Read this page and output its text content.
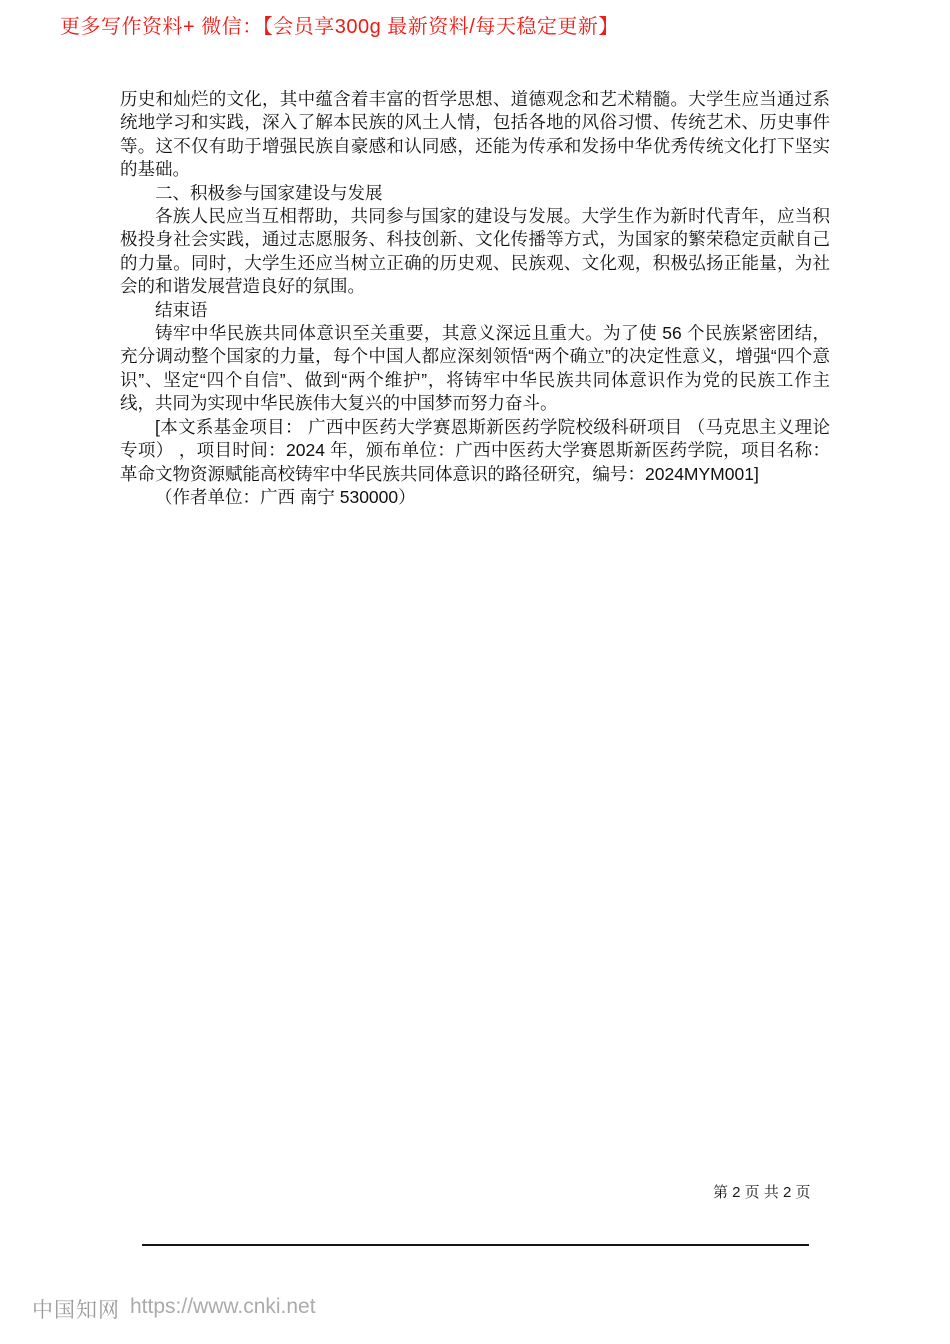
更多写作资料+ 微信：【会员享300g 最新资料/每天稳定更新】

历史和灿烂的文化，其中蕴含着丰富的哲学思想、道德观念和艺术精髓。大学生应当通过系统地学习和实践，深入了解本民族的风土人情，包括各地的风俗习惯、传统艺术、历史事件等。这不仅有助于增强民族自豪感和认同感，还能为传承和发扬中华优秀传统文化打下坚实的基础。

二、积极参与国家建设与发展

各族人民应当互相帮助，共同参与国家的建设与发展。大学生作为新时代青年，应当积极投身社会实践，通过志愿服务、科技创新、文化传播等方式，为国家的繁荣稳定贡献自己的力量。同时，大学生还应当树立正确的历史观、民族观、文化观，积极弘扬正能量，为社会的和谐发展营造良好的氛围。

结束语

铸牢中华民族共同体意识至关重要，其意义深远且重大。为了使 56 个民族紧密团结，充分调动整个国家的力量，每个中国人都应深刻领悟“两个确立”的决定性意义，增强“四个意识”、坚定“四个自信”、做到“两个维护”，将铸牢中华民族共同体意识作为党的民族工作主线，共同为实现中华民族伟大复兴的中国梦而努力奋斗。

[本文系基金项目： 广西中医药大学赛恩斯新医药学院校级科研项目 （马克思主义理论专项） ，项目时间：2024 年，颁布单位：广西中医药大学赛恩斯新医药学院，项目名称：革命文物资源赋能高校铸牢中华民族共同体意识的路径研究，编号：2024MYM001]

（作者单位：广西 南宁 530000）

第 2 页 共 2 页
中国知网 https://www.cnki.net
